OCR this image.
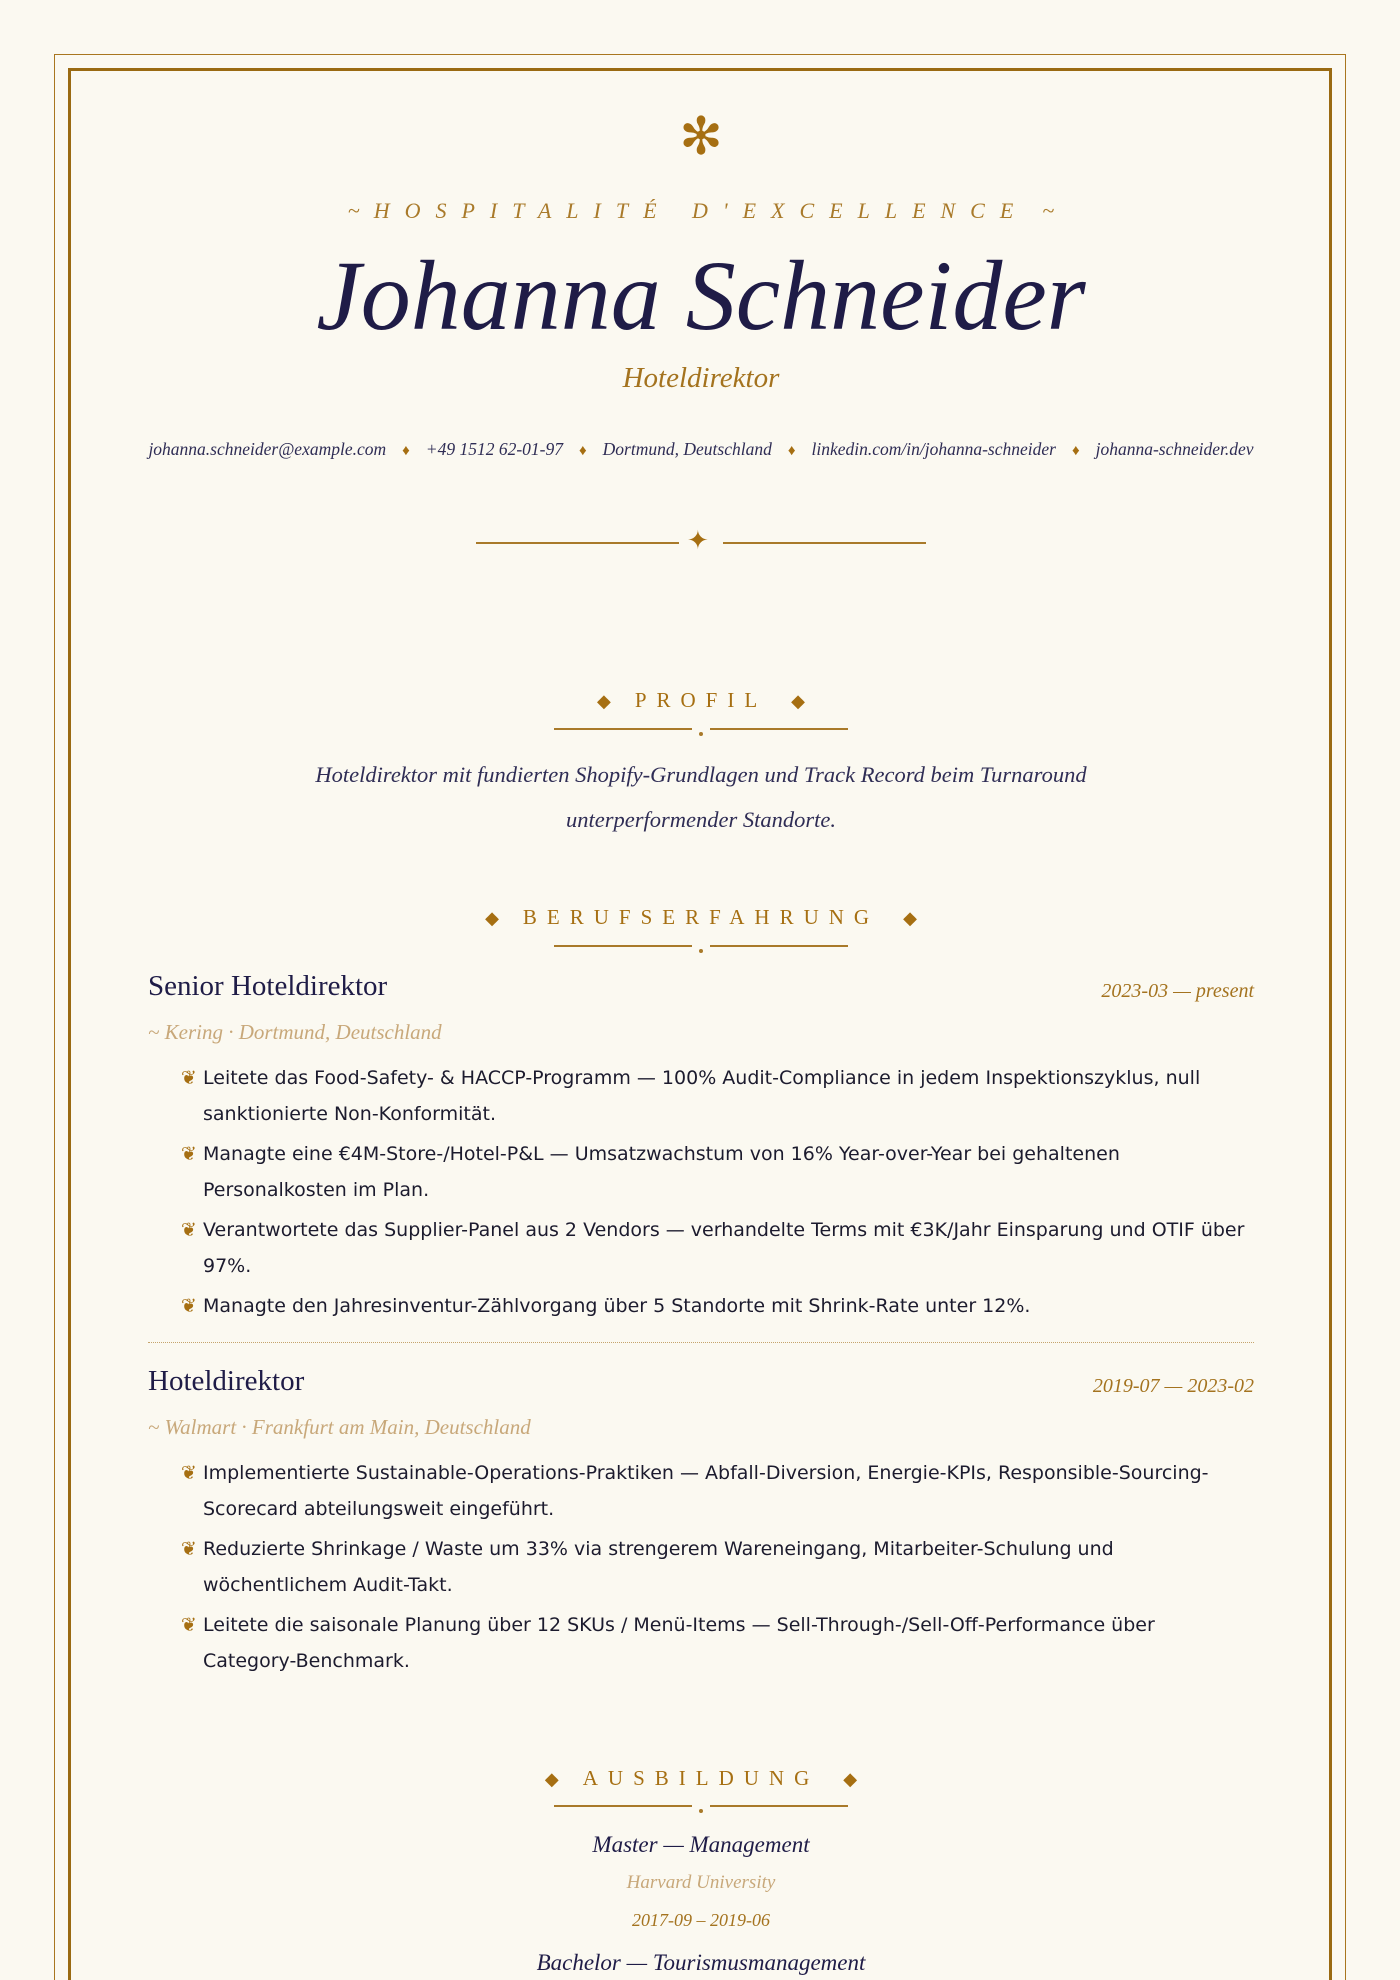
✻
~ HOSPITALITÉ D'EXCELLENCE ~
Johanna Schneider
Hoteldirektor
johanna.schneider@example.com ♦ +49 1512 62-01-97 ♦ Dortmund, Deutschland ♦ linkedin.com/in/johanna-schneider ♦ johanna-schneider.dev
✦
◆ PROFIL ◆
Hoteldirektor mit fundierten Shopify-Grundlagen und Track Record beim Turnaround unterperformender Standorte.
◆ BERUFSERFAHRUNG ◆
Senior Hoteldirektor	2023-03 — present
~ Kering · Dortmund, Deutschland
❦ Leitete das Food-Safety- & HACCP-Programm — 100% Audit-Compliance in jedem Inspektionszyklus, null sanktionierte Non-Konformität.
❦ Managte eine €4M-Store-/Hotel-P&L — Umsatzwachstum von 16% Year-over-Year bei gehaltenen Personalkosten im Plan.
❦ Verantwortete das Supplier-Panel aus 2 Vendors — verhandelte Terms mit €3K/Jahr Einsparung und OTIF über 97%.
❦ Managte den Jahresinventur-Zählvorgang über 5 Standorte mit Shrink-Rate unter 12%.
Hoteldirektor	2019-07 — 2023-02
~ Walmart · Frankfurt am Main, Deutschland
❦ Implementierte Sustainable-Operations-Praktiken — Abfall-Diversion, Energie-KPIs, Responsible-Sourcing-Scorecard abteilungsweit eingeführt.
❦ Reduzierte Shrinkage / Waste um 33% via strengerem Wareneingang, Mitarbeiter-Schulung und wöchentlichem Audit-Takt.
❦ Leitete die saisonale Planung über 12 SKUs / Menü-Items — Sell-Through-/Sell-Off-Performance über Category-Benchmark.
◆ AUSBILDUNG ◆
Master — Management
Harvard University
2017-09 – 2019-06
Bachelor — Tourismusmanagement
